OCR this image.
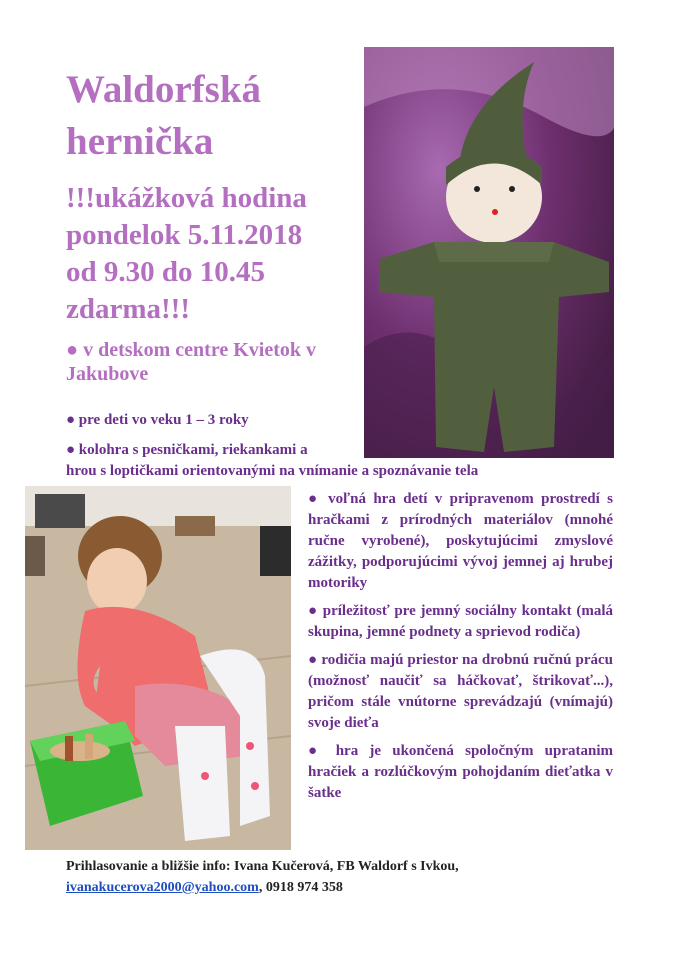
Waldorfská
hernička
!!!ukážková hodina
pondelok 5.11.2018
od 9.30 do 10.45
zdarma!!!
● v detskom centre Kvietok v Jakubove
● pre deti vo veku 1 – 3 roky
● kolohra s pesničkami, riekankami a
hrou s loptičkami orientovanými na vnímanie a spoznávanie tela

● voľná hra detí v pripravenom prostredí s hračkami z prírodných materiálov (mnohé ručne vyrobené), poskytujúcimi zmyslové zážitky, podporujúcimi vývoj jemnej aj hrubej motoriky

● príležitosť pre jemný sociálny kontakt (malá skupina, jemné podnety a sprievod rodiča)

● rodičia majú priestor na drobnú ručnú prácu (možnosť naučiť sa háčkovať, štrikovať...), pričom stále vnútorne sprevádzajú (vnímajú) svoje dieťa

● hra je ukončená spoločným upratanim hračiek a rozlúčkovým pohojdaním dieťatka v šatke

Prihlasovanie a bližšie info: Ivana Kučerová, FB Waldorf s Ivkou,
ivanakucerova2000@yahoo.com, 0918 974 358
